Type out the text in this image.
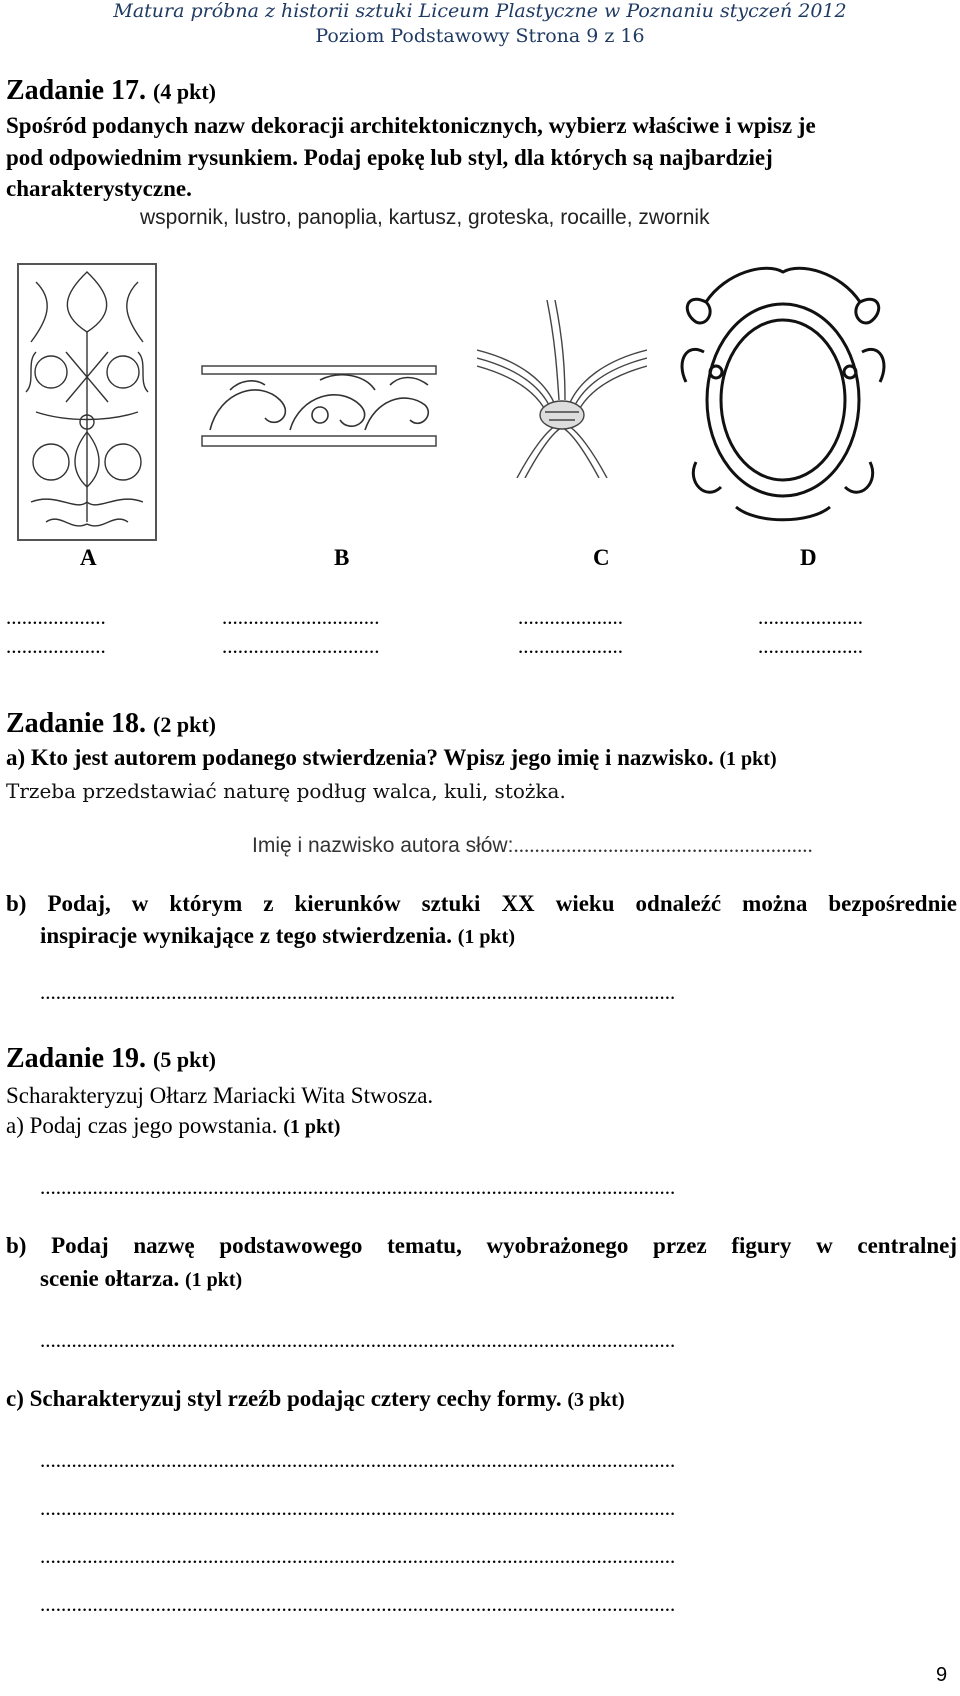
Matura próbna z historii sztuki Liceum Plastyczne w Poznaniu styczeń 2012
Poziom Podstawowy Strona 9 z 16
Zadanie 17. (4 pkt)
Spośród podanych nazw dekoracji architektonicznych, wybierz właściwe i wpisz je
pod odpowiednim rysunkiem. Podaj epokę lub styl, dla których są najbardziej
charakterystyczne.
wspornik, lustro, panoplia, kartusz, groteska, rocaille, zwornik
A	B	C	D
...................	..............................	....................	....................
...................	..............................	....................	....................
Zadanie 18. (2 pkt)
a) Kto jest autorem podanego stwierdzenia? Wpisz jego imię i nazwisko. (1 pkt)
Trzeba przedstawiać naturę podług walca, kuli, stożka.
Imię i nazwisko autora słów:.........................................................
b) Podaj, w którym z kierunków sztuki XX wieku odnaleźć można bezpośrednie
inspiracje wynikające z tego stwierdzenia. (1 pkt)
.........................................................................................................................
Zadanie 19. (5 pkt)
Scharakteryzuj Ołtarz Mariacki Wita Stwosza.
a) Podaj czas jego powstania. (1 pkt)
.........................................................................................................................
b) Podaj nazwę podstawowego tematu, wyobrażonego przez figury w centralnej
scenie ołtarza. (1 pkt)
.........................................................................................................................
c) Scharakteryzuj styl rzeźb podając cztery cechy formy. (3 pkt)
.........................................................................................................................
.........................................................................................................................
.........................................................................................................................
.........................................................................................................................
9
